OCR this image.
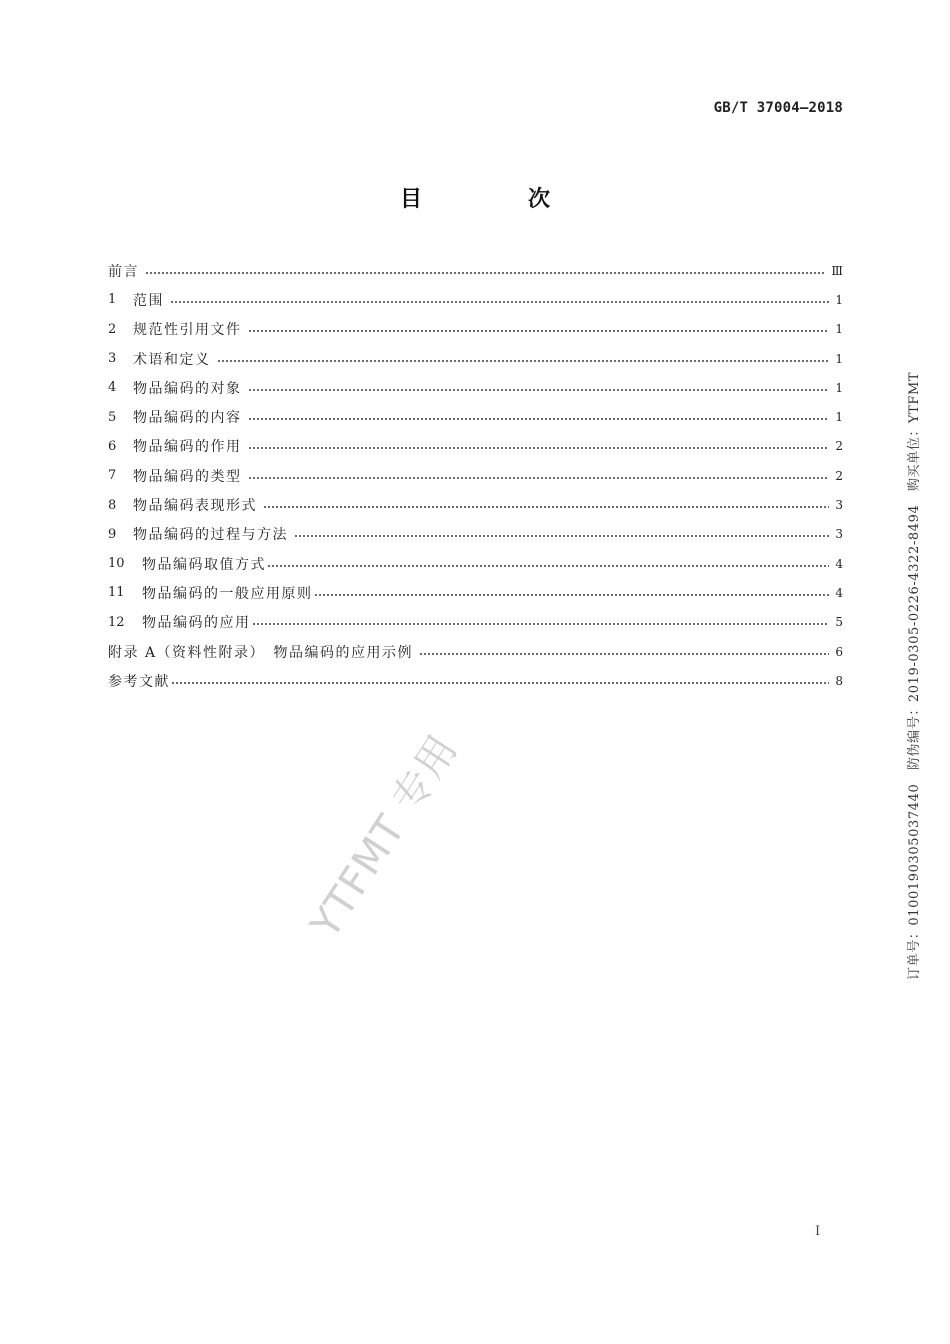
GB/T 37004—2018
目　次
前言	Ⅲ
1	范围	1
2	规范性引用文件	1
3	术语和定义	1
4	物品编码的对象	1
5	物品编码的内容	1
6	物品编码的作用	2
7	物品编码的类型	2
8	物品编码表现形式	3
9	物品编码的过程与方法	3
10	物品编码取值方式	4
11	物品编码的一般应用原则	4
12	物品编码的应用	5
附录 A（资料性附录）　物品编码的应用示例	6
参考文献	8
YTFMT 专用	订单号：0100190305037440　防伪编号：2019-0305-0226-4322-8494　购买单位：YTFMT
I
